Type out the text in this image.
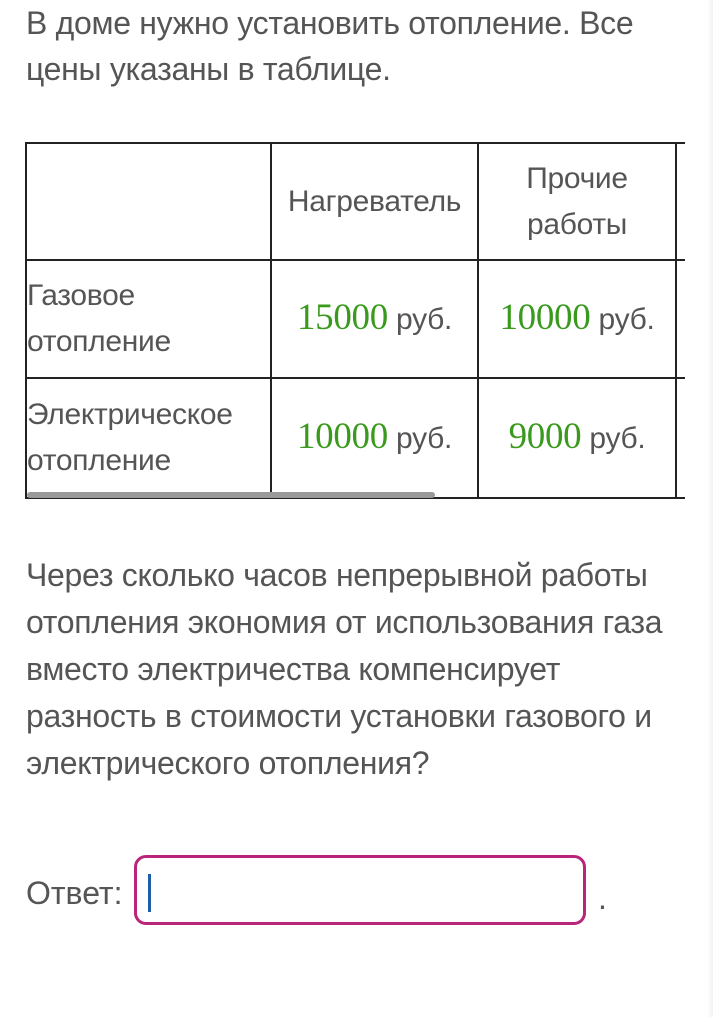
В доме нужно установить отопление. Все цены указаны в таблице.

	Нагреватель	Прочие работы	
Газовое отопление	15000 руб.	10000 руб.	
Электрическое отопление	10000 руб.	9000 руб.	

Через сколько часов непрерывной работы отопления экономия от использования газа вместо электричества компенсирует разность в стоимости установки газового и электрического отопления?

Ответ:	.
